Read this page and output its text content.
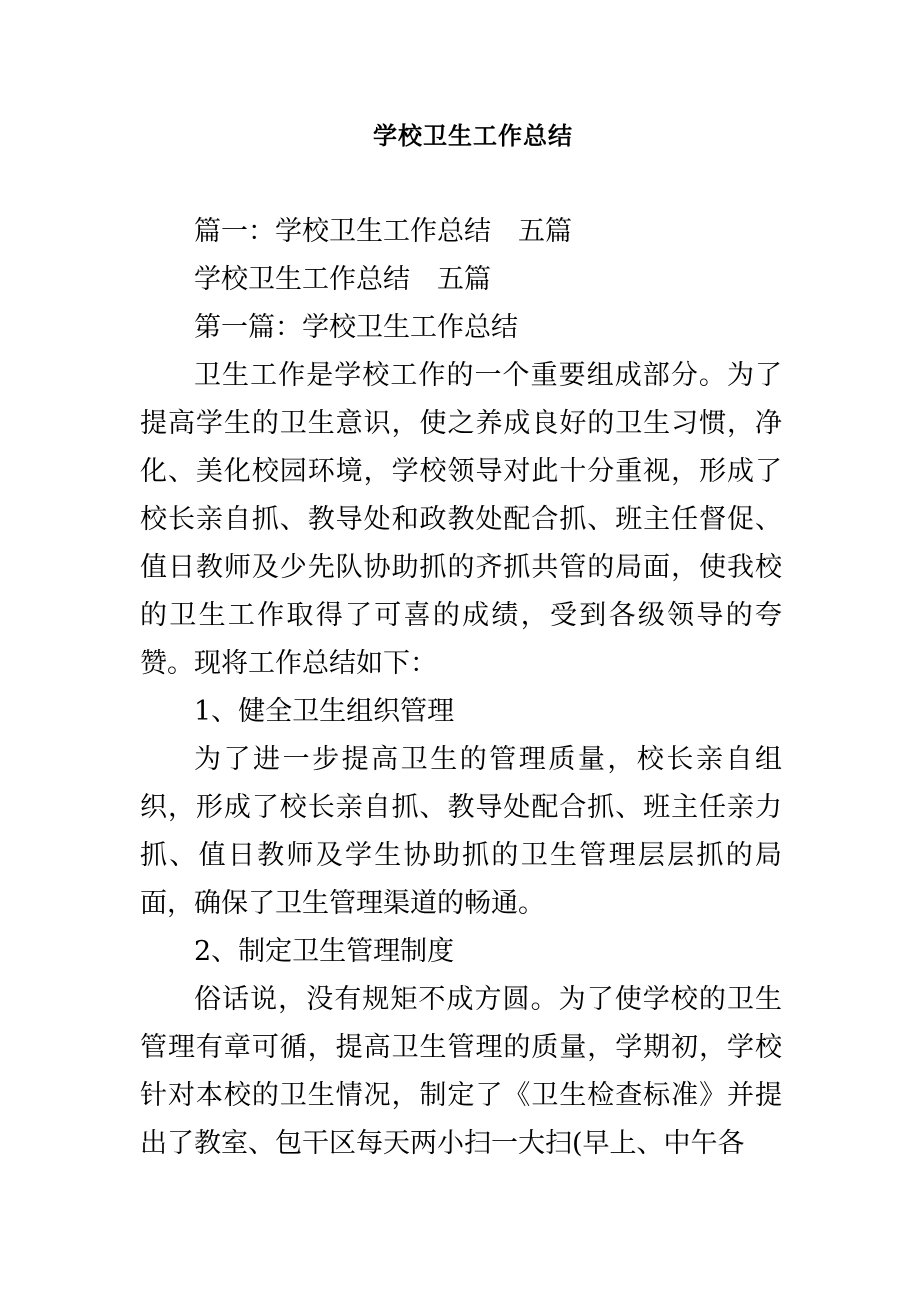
学校卫生工作总结

篇一：学校卫生工作总结　五篇

学校卫生工作总结　五篇

第一篇：学校卫生工作总结

卫生工作是学校工作的一个重要组成部分。为了提高学生的卫生意识，使之养成良好的卫生习惯，净化、美化校园环境，学校领导对此十分重视，形成了校长亲自抓、教导处和政教处配合抓、班主任督促、值日教师及少先队协助抓的齐抓共管的局面，使我校的卫生工作取得了可喜的成绩，受到各级领导的夸赞。现将工作总结如下：

1、健全卫生组织管理

为了进一步提高卫生的管理质量，校长亲自组织，形成了校长亲自抓、教导处配合抓、班主任亲力抓、值日教师及学生协助抓的卫生管理层层抓的局面，确保了卫生管理渠道的畅通。

2、制定卫生管理制度

俗话说，没有规矩不成方圆。为了使学校的卫生管理有章可循，提高卫生管理的质量，学期初，学校针对本校的卫生情况，制定了《卫生检查标准》并提出了教室、包干区每天两小扫一大扫(早上、中午各
